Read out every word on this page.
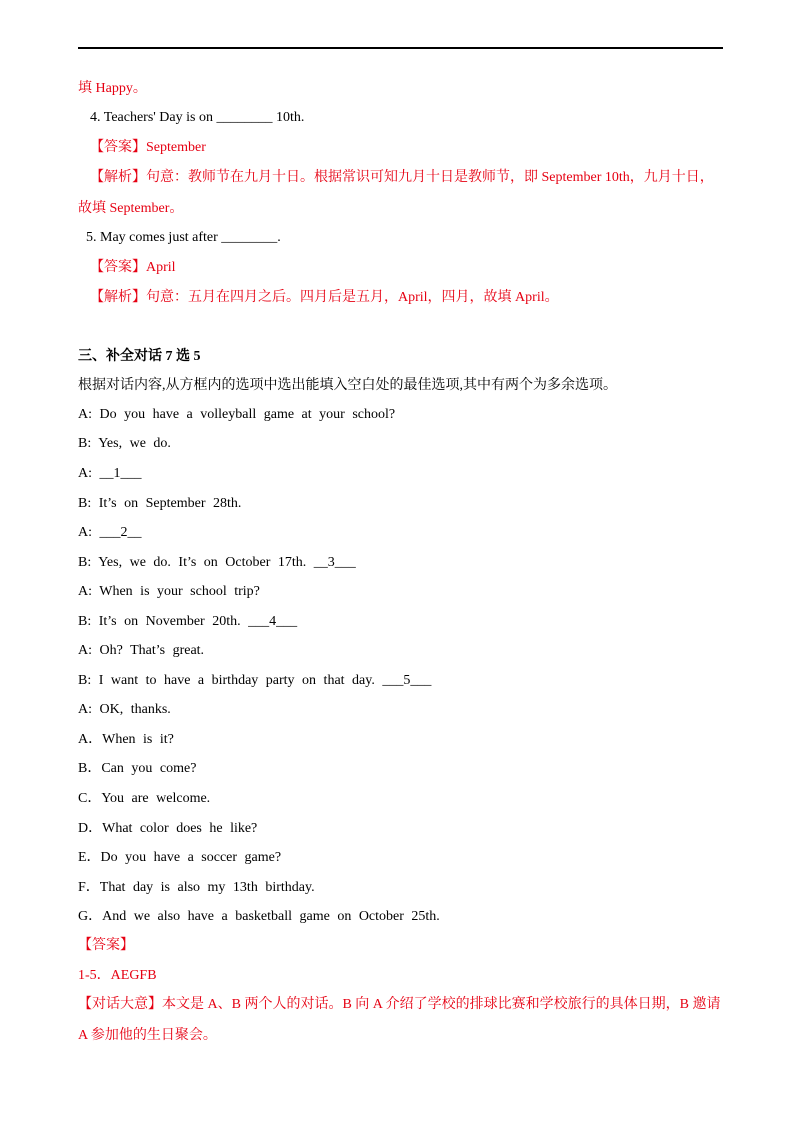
填 Happy。
4. Teachers' Day is on ________ 10th.
【答案】September
【解析】句意：教师节在九月十日。根据常识可知九月十日是教师节，即 September 10th，九月十日，
故填 September。
5. May comes just after ________.
【答案】April
【解析】句意：五月在四月之后。四月后是五月，April，四月，故填 April。
三、补全对话 7 选 5
根据对话内容,从方框内的选项中选出能填入空白处的最佳选项,其中有两个为多余选项。
A: Do you have a volleyball game at your school?
B: Yes, we do.
A: __1___
B: It’s on September 28th.
A: ___2__
B: Yes, we do. It’s on October 17th. __3___
A: When is your school trip?
B: It’s on November 20th. ___4___
A: Oh? That’s great.
B: I want to have a birthday party on that day. ___5___
A: OK, thanks.
A．When is it?
B．Can you come?
C．You are welcome.
D．What color does he like?
E．Do you have a soccer game?
F．That day is also my 13th birthday.
G．And we also have a basketball game on October 25th.
【答案】
1-5．AEGFB
【对话大意】本文是 A、B 两个人的对话。B 向 A 介绍了学校的排球比赛和学校旅行的具体日期，B 邀请
A 参加他的生日聚会。
